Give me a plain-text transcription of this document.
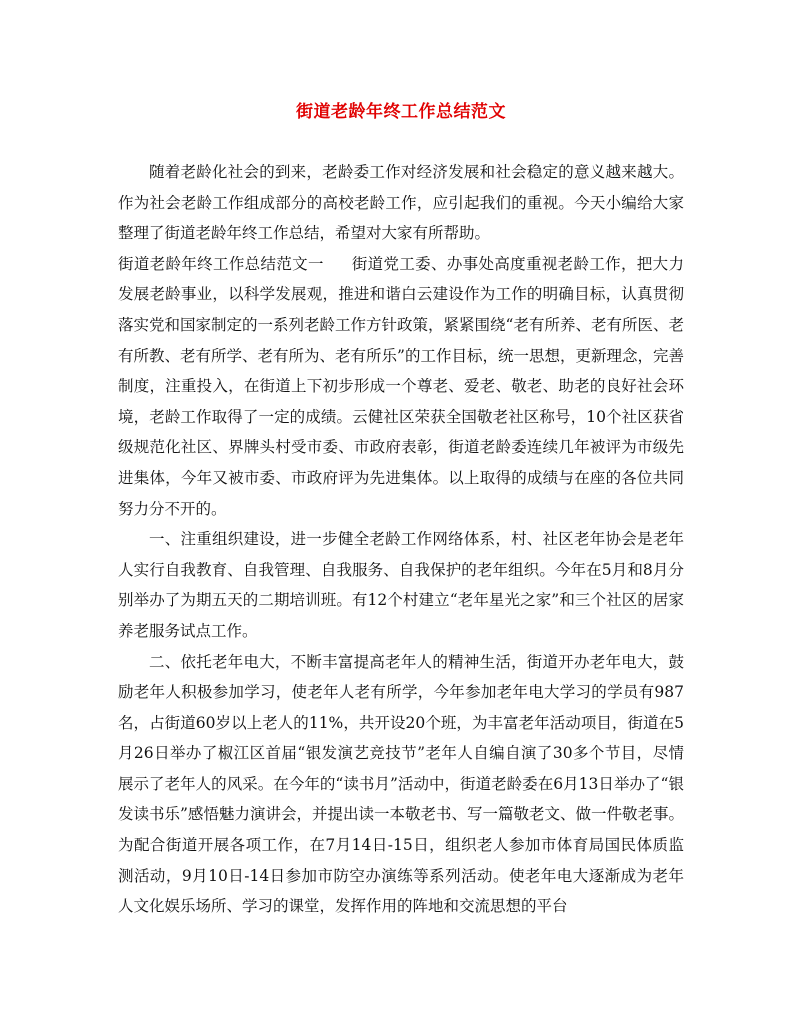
街道老龄年终工作总结范文

随着老龄化社会的到来，老龄委工作对经济发展和社会稳定的意义越来越大。作为社会老龄工作组成部分的高校老龄工作，应引起我们的重视。今天小编给大家整理了街道老龄年终工作总结，希望对大家有所帮助。

街道老龄年终工作总结范文一 街道党工委、办事处高度重视老龄工作，把大力发展老龄事业，以科学发展观，推进和谐白云建设作为工作的明确目标，认真贯彻落实党和国家制定的一系列老龄工作方针政策，紧紧围绕“老有所养、老有所医、老有所教、老有所学、老有所为、老有所乐”的工作目标，统一思想，更新理念，完善制度，注重投入，在街道上下初步形成一个尊老、爱老、敬老、助老的良好社会环境，老龄工作取得了一定的成绩。云健社区荣获全国敬老社区称号，10个社区获省级规范化社区、界牌头村受市委、市政府表彰，街道老龄委连续几年被评为市级先进集体，今年又被市委、市政府评为先进集体。以上取得的成绩与在座的各位共同努力分不开的。

一、注重组织建设，进一步健全老龄工作网络体系，村、社区老年协会是老年人实行自我教育、自我管理、自我服务、自我保护的老年组织。今年在5月和8月分别举办了为期五天的二期培训班。有12个村建立“老年星光之家”和三个社区的居家养老服务试点工作。

二、依托老年电大，不断丰富提高老年人的精神生活，街道开办老年电大，鼓励老年人积极参加学习，使老年人老有所学，今年参加老年电大学习的学员有987名，占街道60岁以上老人的11%，共开设20个班，为丰富老年活动项目，街道在5月26日举办了椒江区首届“银发演艺竞技节”老年人自编自演了30多个节目，尽情展示了老年人的风采。在今年的“读书月”活动中，街道老龄委在6月13日举办了“银发读书乐”感悟魅力演讲会，并提出读一本敬老书、写一篇敬老文、做一件敬老事。为配合街道开展各项工作，在7月14日-15日，组织老人参加市体育局国民体质监测活动，9月10日-14日参加市防空办演练等系列活动。使老年电大逐渐成为老年人文化娱乐场所、学习的课堂，发挥作用的阵地和交流思想的平台
